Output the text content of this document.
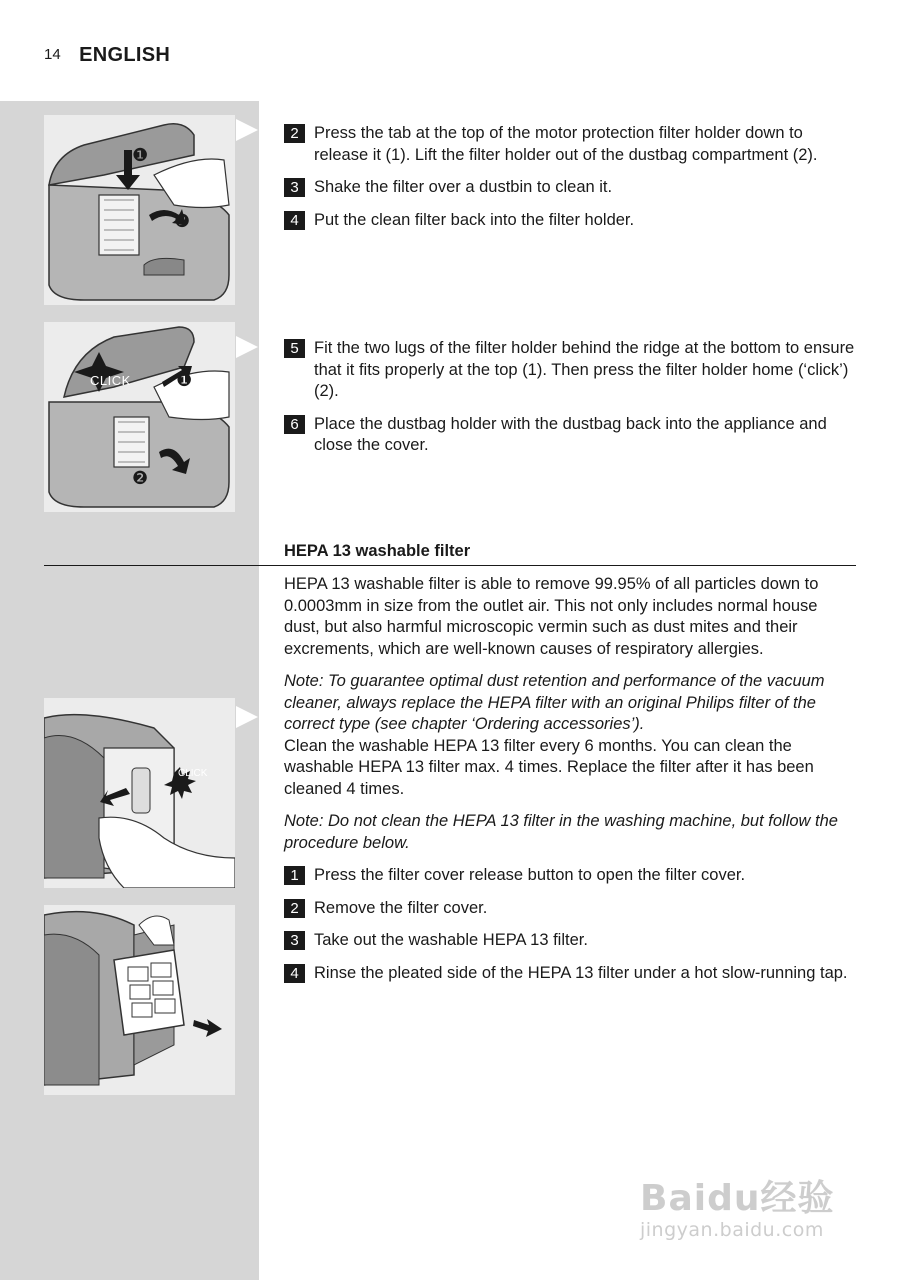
14 ENGLISH
❶
❷
CLICK	❶
❷
CLICK
2 Press the tab at the top of the motor protection filter holder down to release it (1). Lift the filter holder out of the dustbag compartment (2).
3 Shake the filter over a dustbin to clean it.
4 Put the clean filter back into the filter holder.
5 Fit the two lugs of the filter holder behind the ridge at the bottom to ensure that it fits properly at the top (1). Then press the filter holder home (‘click’) (2).
6 Place the dustbag holder with the dustbag back into the appliance and close the cover.
HEPA 13 washable filter

HEPA 13 washable filter is able to remove 99.95% of all particles down to 0.0003mm in size from the outlet air. This not only includes normal house dust, but also harmful microscopic vermin such as dust mites and their excrements, which are well-known causes of respiratory allergies.

Note: To guarantee optimal dust retention and performance of the vacuum cleaner, always replace the HEPA filter with an original Philips filter of the correct type (see chapter ‘Ordering accessories’).

Clean the washable HEPA 13 filter every 6 months. You can clean the washable HEPA 13 filter max. 4 times. Replace the filter after it has been cleaned 4 times.

Note: Do not clean the HEPA 13 filter in the washing machine, but follow the procedure below.

1 Press the filter cover release button to open the filter cover.
2 Remove the filter cover.
3 Take out the washable HEPA 13 filter.
4 Rinse the pleated side of the HEPA 13 filter under a hot slow-running tap.
Baidu经验
jingyan.baidu.com
